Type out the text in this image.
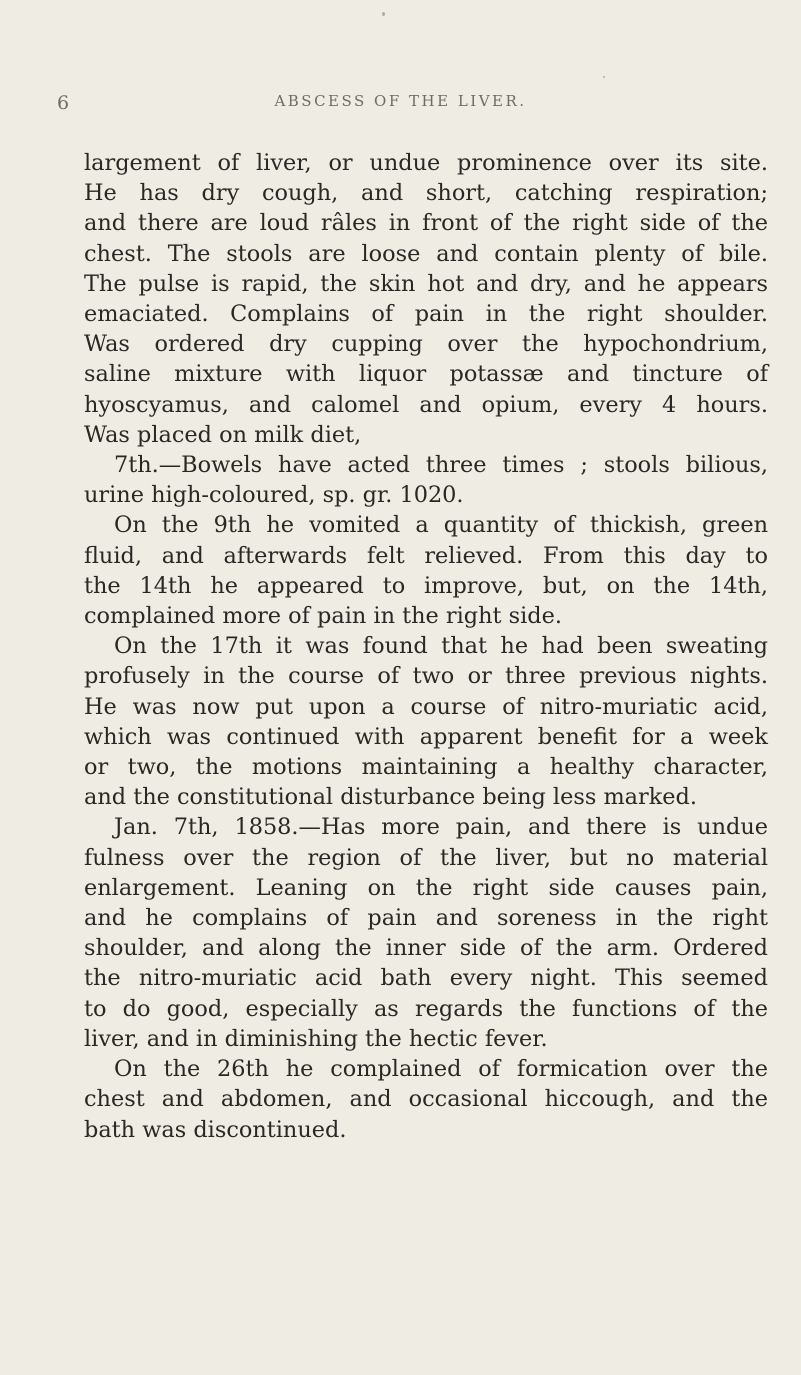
6	ABSCESS OF THE LIVER.
largement of liver, or undue prominence over its site.
He has dry cough, and short, catching respiration;
and there are loud râles in front of the right side of the
chest. The stools are loose and contain plenty of bile.
The pulse is rapid, the skin hot and dry, and he appears
emaciated. Complains of pain in the right shoulder.
Was ordered dry cupping over the hypochondrium,
saline mixture with liquor potassæ and tincture of
hyoscyamus, and calomel and opium, every 4 hours.
Was placed on milk diet,
7th.—Bowels have acted three times ; stools bilious,
urine high-coloured, sp. gr. 1020.
On the 9th he vomited a quantity of thickish, green
fluid, and afterwards felt relieved. From this day to
the 14th he appeared to improve, but, on the 14th,
complained more of pain in the right side.
On the 17th it was found that he had been sweating
profusely in the course of two or three previous nights.
He was now put upon a course of nitro-muriatic acid,
which was continued with apparent benefit for a week
or two, the motions maintaining a healthy character,
and the constitutional disturbance being less marked.
Jan. 7th, 1858.—Has more pain, and there is undue
fulness over the region of the liver, but no material
enlargement. Leaning on the right side causes pain,
and he complains of pain and soreness in the right
shoulder, and along the inner side of the arm. Ordered
the nitro-muriatic acid bath every night. This seemed
to do good, especially as regards the functions of the
liver, and in diminishing the hectic fever.
On the 26th he complained of formication over the
chest and abdomen, and occasional hiccough, and the
bath was discontinued.
